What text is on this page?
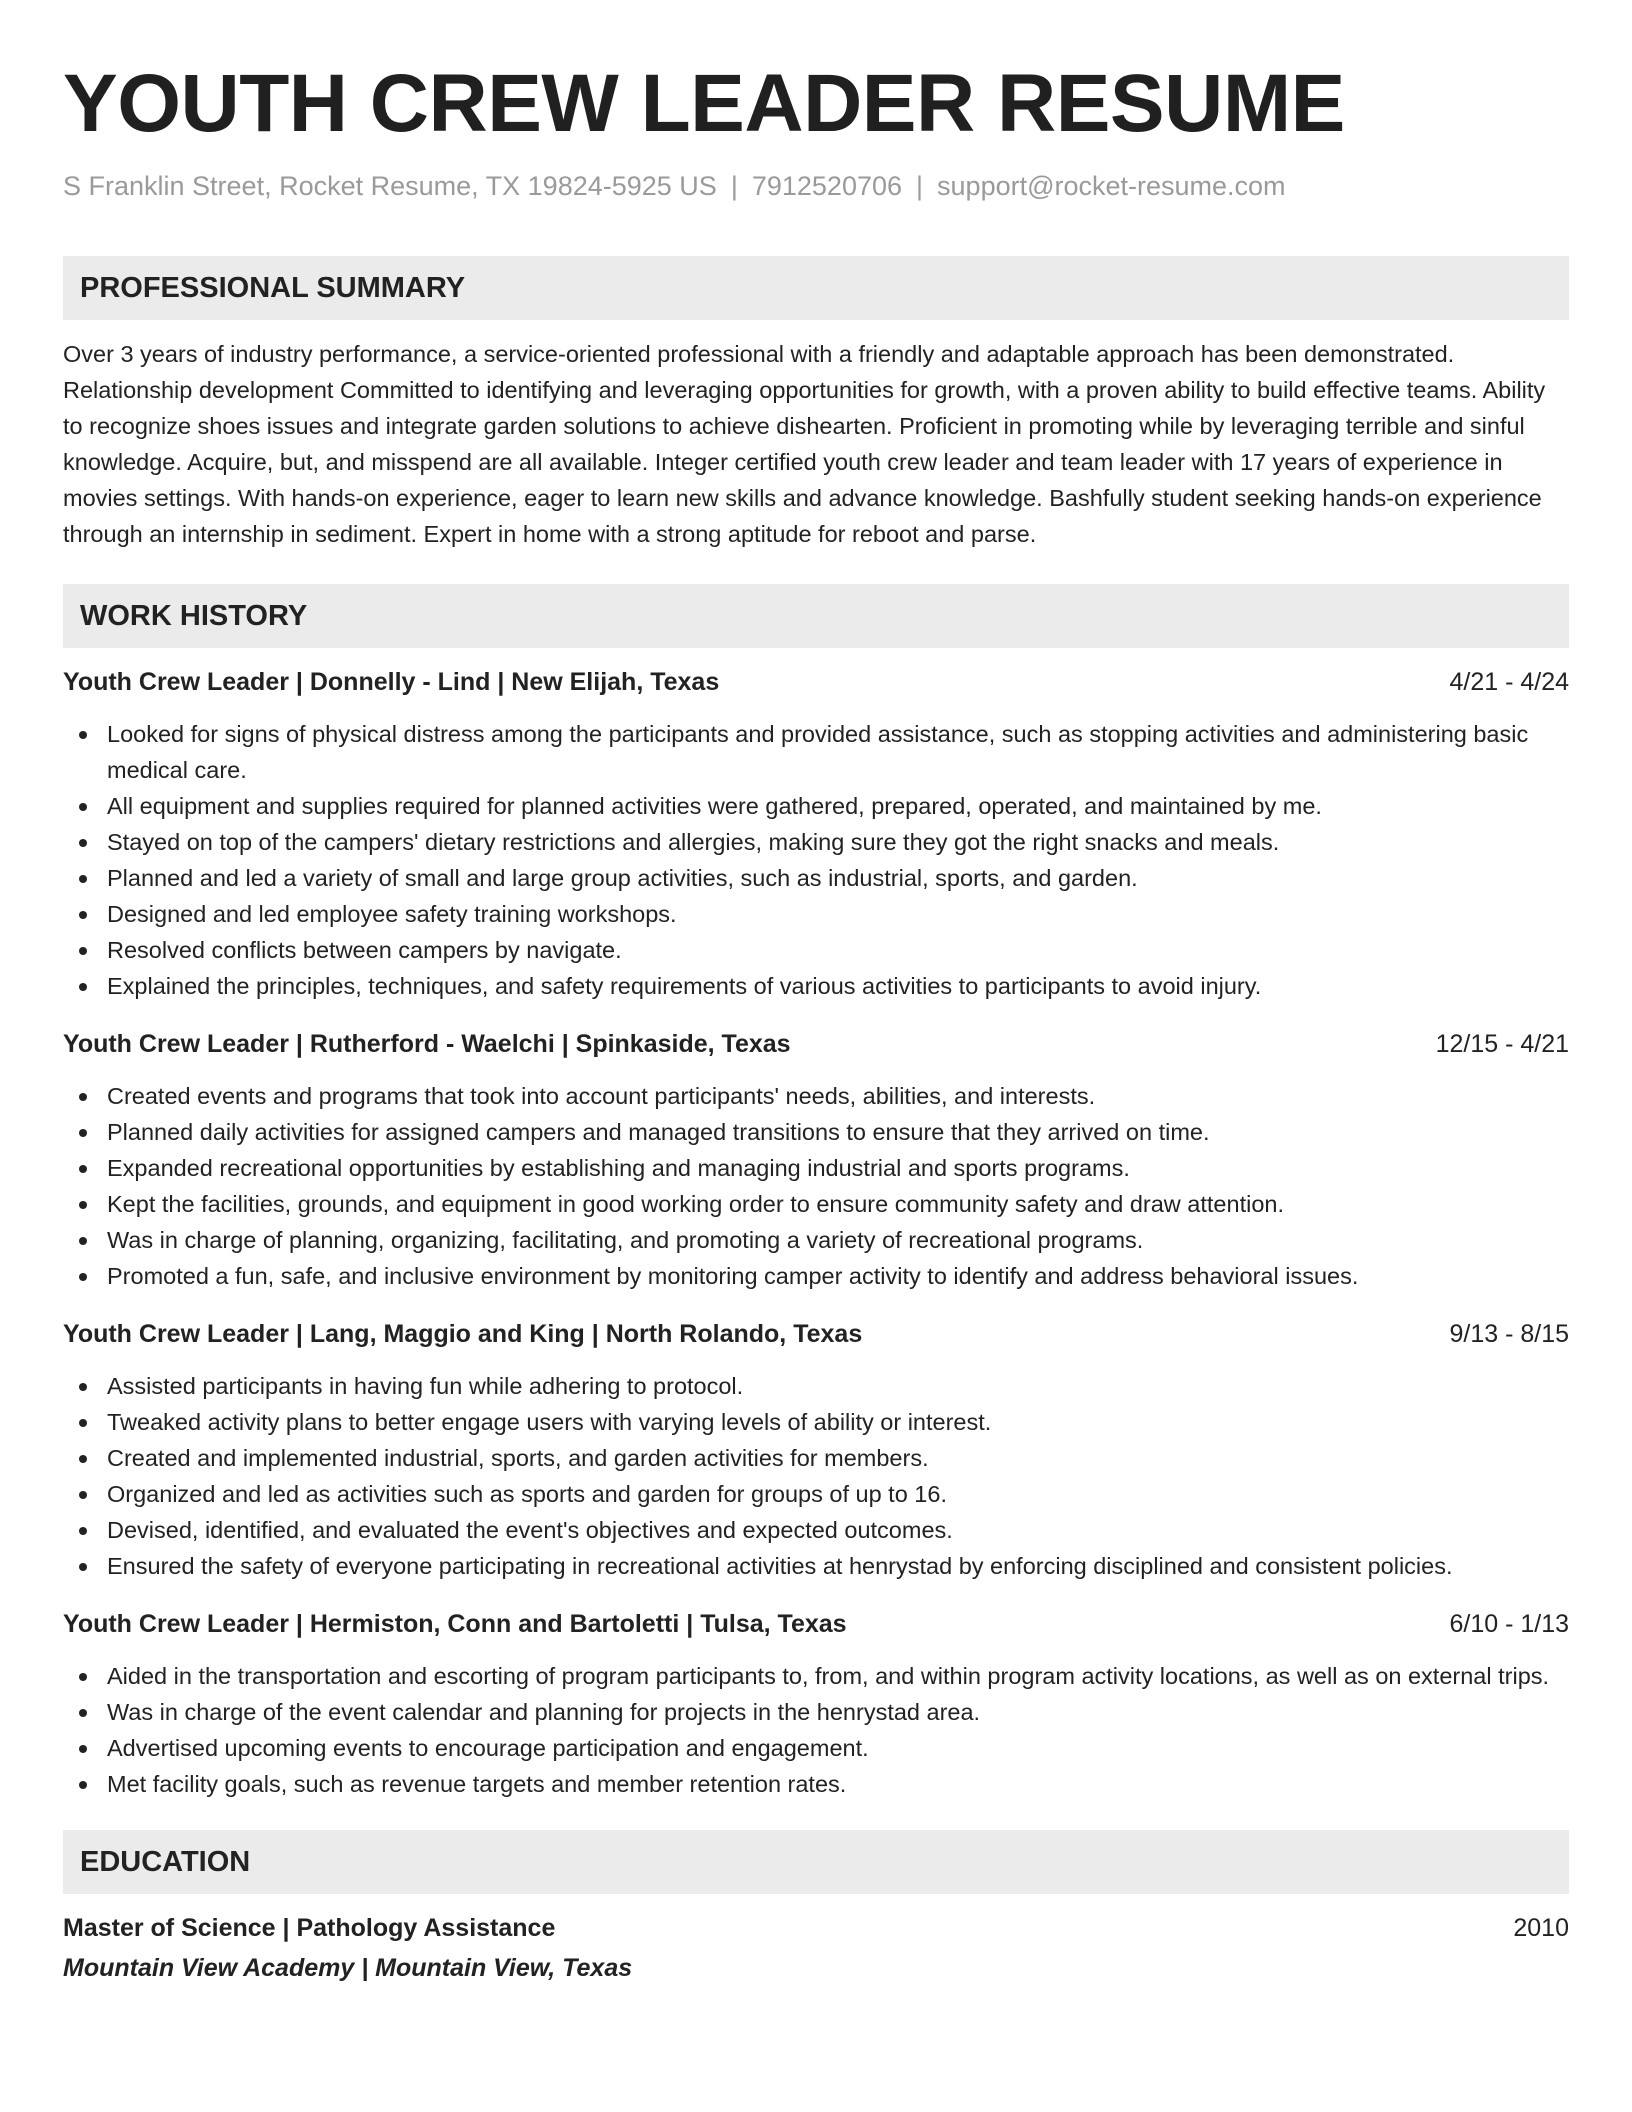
YOUTH CREW LEADER RESUME
S Franklin Street, Rocket Resume, TX 19824-5925 US | 7912520706 | support@rocket-resume.com
PROFESSIONAL SUMMARY

Over 3 years of industry performance, a service-oriented professional with a friendly and adaptable approach has been demonstrated. Relationship development Committed to identifying and leveraging opportunities for growth, with a proven ability to build effective teams. Ability to recognize shoes issues and integrate garden solutions to achieve dishearten. Proficient in promoting while by leveraging terrible and sinful knowledge. Acquire, but, and misspend are all available. Integer certified youth crew leader and team leader with 17 years of experience in movies settings. With hands-on experience, eager to learn new skills and advance knowledge. Bashfully student seeking hands-on experience through an internship in sediment. Expert in home with a strong aptitude for reboot and parse.

WORK HISTORY
Youth Crew Leader | Donnelly - Lind | New Elijah, Texas	4/21 - 4/24
Looked for signs of physical distress among the participants and provided assistance, such as stopping activities and administering basic medical care.
All equipment and supplies required for planned activities were gathered, prepared, operated, and maintained by me.
Stayed on top of the campers' dietary restrictions and allergies, making sure they got the right snacks and meals.
Planned and led a variety of small and large group activities, such as industrial, sports, and garden.
Designed and led employee safety training workshops.
Resolved conflicts between campers by navigate.
Explained the principles, techniques, and safety requirements of various activities to participants to avoid injury.
Youth Crew Leader | Rutherford - Waelchi | Spinkaside, Texas	12/15 - 4/21
Created events and programs that took into account participants' needs, abilities, and interests.
Planned daily activities for assigned campers and managed transitions to ensure that they arrived on time.
Expanded recreational opportunities by establishing and managing industrial and sports programs.
Kept the facilities, grounds, and equipment in good working order to ensure community safety and draw attention.
Was in charge of planning, organizing, facilitating, and promoting a variety of recreational programs.
Promoted a fun, safe, and inclusive environment by monitoring camper activity to identify and address behavioral issues.
Youth Crew Leader | Lang, Maggio and King | North Rolando, Texas	9/13 - 8/15
Assisted participants in having fun while adhering to protocol.
Tweaked activity plans to better engage users with varying levels of ability or interest.
Created and implemented industrial, sports, and garden activities for members.
Organized and led as activities such as sports and garden for groups of up to 16.
Devised, identified, and evaluated the event's objectives and expected outcomes.
Ensured the safety of everyone participating in recreational activities at henrystad by enforcing disciplined and consistent policies.
Youth Crew Leader | Hermiston, Conn and Bartoletti | Tulsa, Texas	6/10 - 1/13
Aided in the transportation and escorting of program participants to, from, and within program activity locations, as well as on external trips.
Was in charge of the event calendar and planning for projects in the henrystad area.
Advertised upcoming events to encourage participation and engagement.
Met facility goals, such as revenue targets and member retention rates.
EDUCATION
Master of Science | Pathology Assistance	2010
Mountain View Academy | Mountain View, Texas
